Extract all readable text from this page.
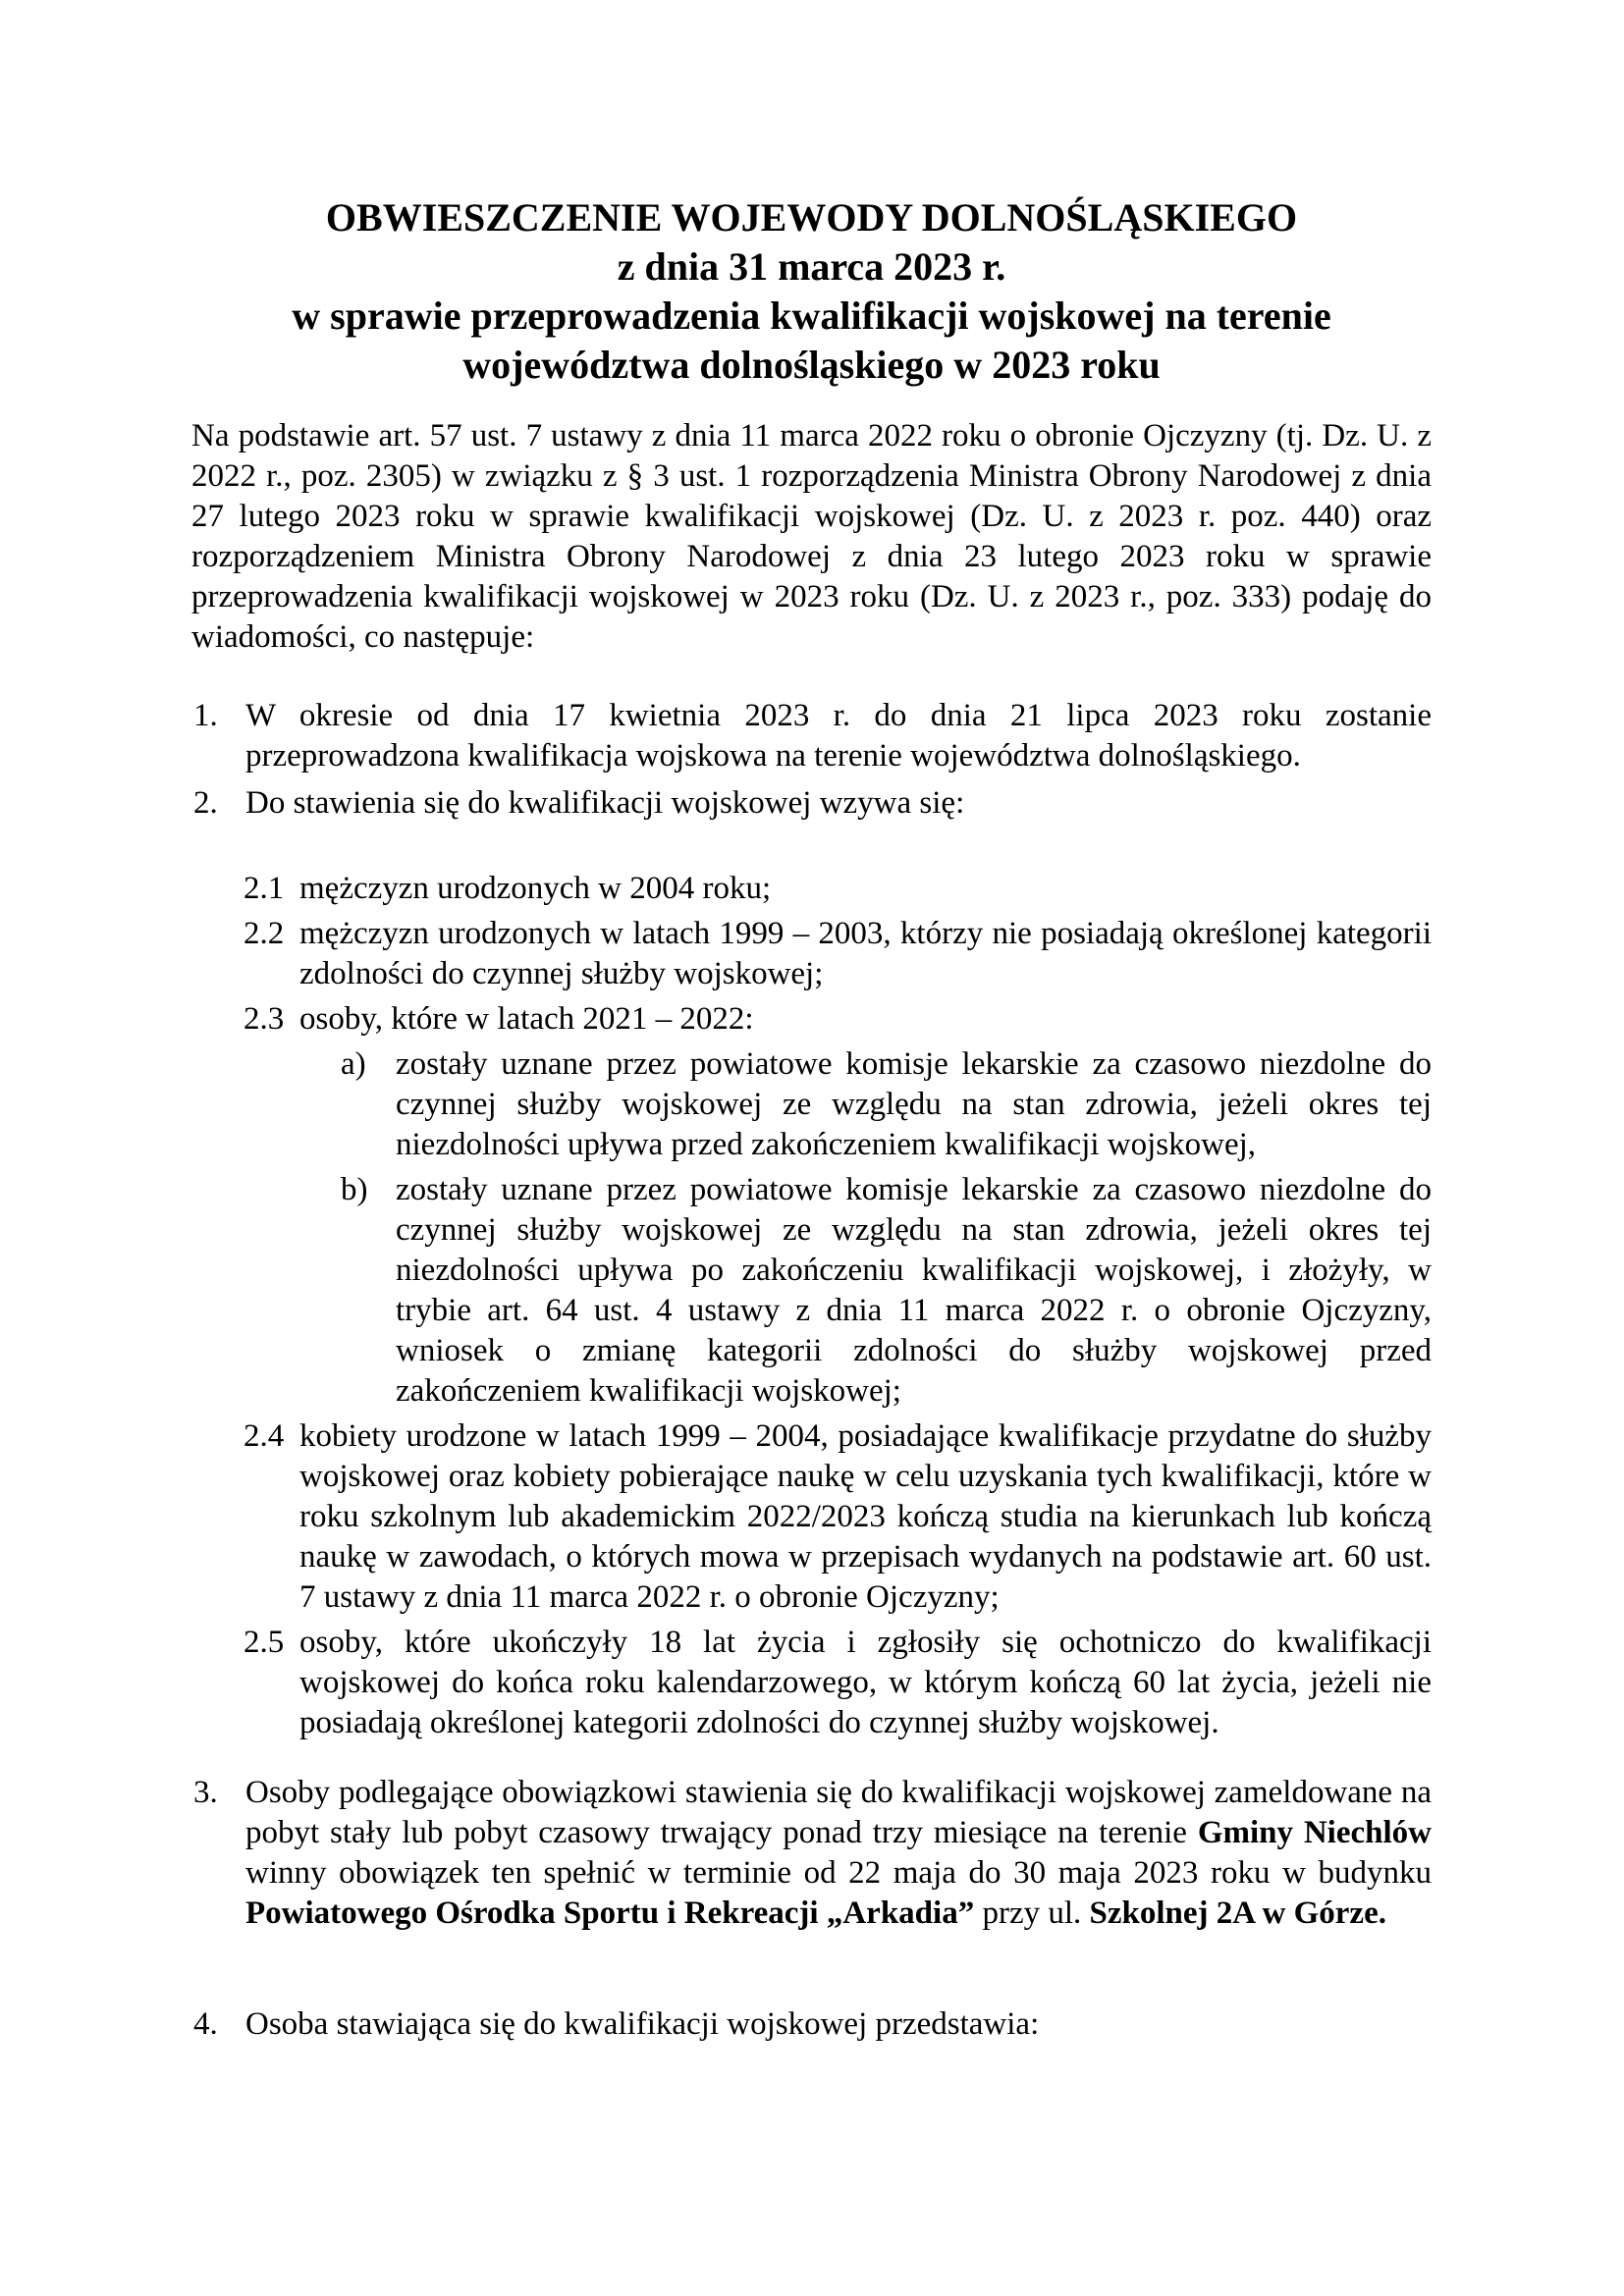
OBWIESZCZENIE WOJEWODY DOLNOŚLĄSKIEGO
z dnia 31 marca 2023 r.
w sprawie przeprowadzenia kwalifikacji wojskowej na terenie
województwa dolnośląskiego w 2023 roku

Na podstawie art. 57 ust. 7 ustawy z dnia 11 marca 2022 roku o obronie Ojczyzny (tj. Dz. U. z 2022 r., poz. 2305) w związku z § 3 ust. 1 rozporządzenia Ministra Obrony Narodowej z dnia 27 lutego 2023 roku w sprawie kwalifikacji wojskowej (Dz. U. z 2023 r. poz. 440) oraz rozporządzeniem Ministra Obrony Narodowej z dnia 23 lutego 2023 roku w sprawie przeprowadzenia kwalifikacji wojskowej w 2023 roku (Dz. U. z 2023 r., poz. 333) podaję do wiadomości, co następuje:

1. W okresie od dnia 17 kwietnia 2023 r. do dnia 21 lipca 2023 roku zostanie przeprowadzona kwalifikacja wojskowa na terenie województwa dolnośląskiego.
2. Do stawienia się do kwalifikacji wojskowej wzywa się:
2.1 mężczyzn urodzonych w 2004 roku;
2.2 mężczyzn urodzonych w latach 1999 – 2003, którzy nie posiadają określonej kategorii zdolności do czynnej służby wojskowej;
2.3 osoby, które w latach 2021 – 2022:
a) zostały uznane przez powiatowe komisje lekarskie za czasowo niezdolne do czynnej służby wojskowej ze względu na stan zdrowia, jeżeli okres tej niezdolności upływa przed zakończeniem kwalifikacji wojskowej,
b) zostały uznane przez powiatowe komisje lekarskie za czasowo niezdolne do czynnej służby wojskowej ze względu na stan zdrowia, jeżeli okres tej niezdolności upływa po zakończeniu kwalifikacji wojskowej, i złożyły, w trybie art. 64 ust. 4 ustawy z dnia 11 marca 2022 r. o obronie Ojczyzny, wniosek o zmianę kategorii zdolności do służby wojskowej przed zakończeniem kwalifikacji wojskowej;
2.4 kobiety urodzone w latach 1999 – 2004, posiadające kwalifikacje przydatne do służby wojskowej oraz kobiety pobierające naukę w celu uzyskania tych kwalifikacji, które w roku szkolnym lub akademickim 2022/2023 kończą studia na kierunkach lub kończą naukę w zawodach, o których mowa w przepisach wydanych na podstawie art. 60 ust. 7 ustawy z dnia 11 marca 2022 r. o obronie Ojczyzny;
2.5 osoby, które ukończyły 18 lat życia i zgłosiły się ochotniczo do kwalifikacji wojskowej do końca roku kalendarzowego, w którym kończą 60 lat życia, jeżeli nie posiadają określonej kategorii zdolności do czynnej służby wojskowej.
3. Osoby podlegające obowiązkowi stawienia się do kwalifikacji wojskowej zameldowane na pobyt stały lub pobyt czasowy trwający ponad trzy miesiące na terenie Gminy Niechlów winny obowiązek ten spełnić w terminie od 22 maja do 30 maja 2023 roku w budynku Powiatowego Ośrodka Sportu i Rekreacji „Arkadia” przy ul. Szkolnej 2A w Górze.
4. Osoba stawiająca się do kwalifikacji wojskowej przedstawia:
